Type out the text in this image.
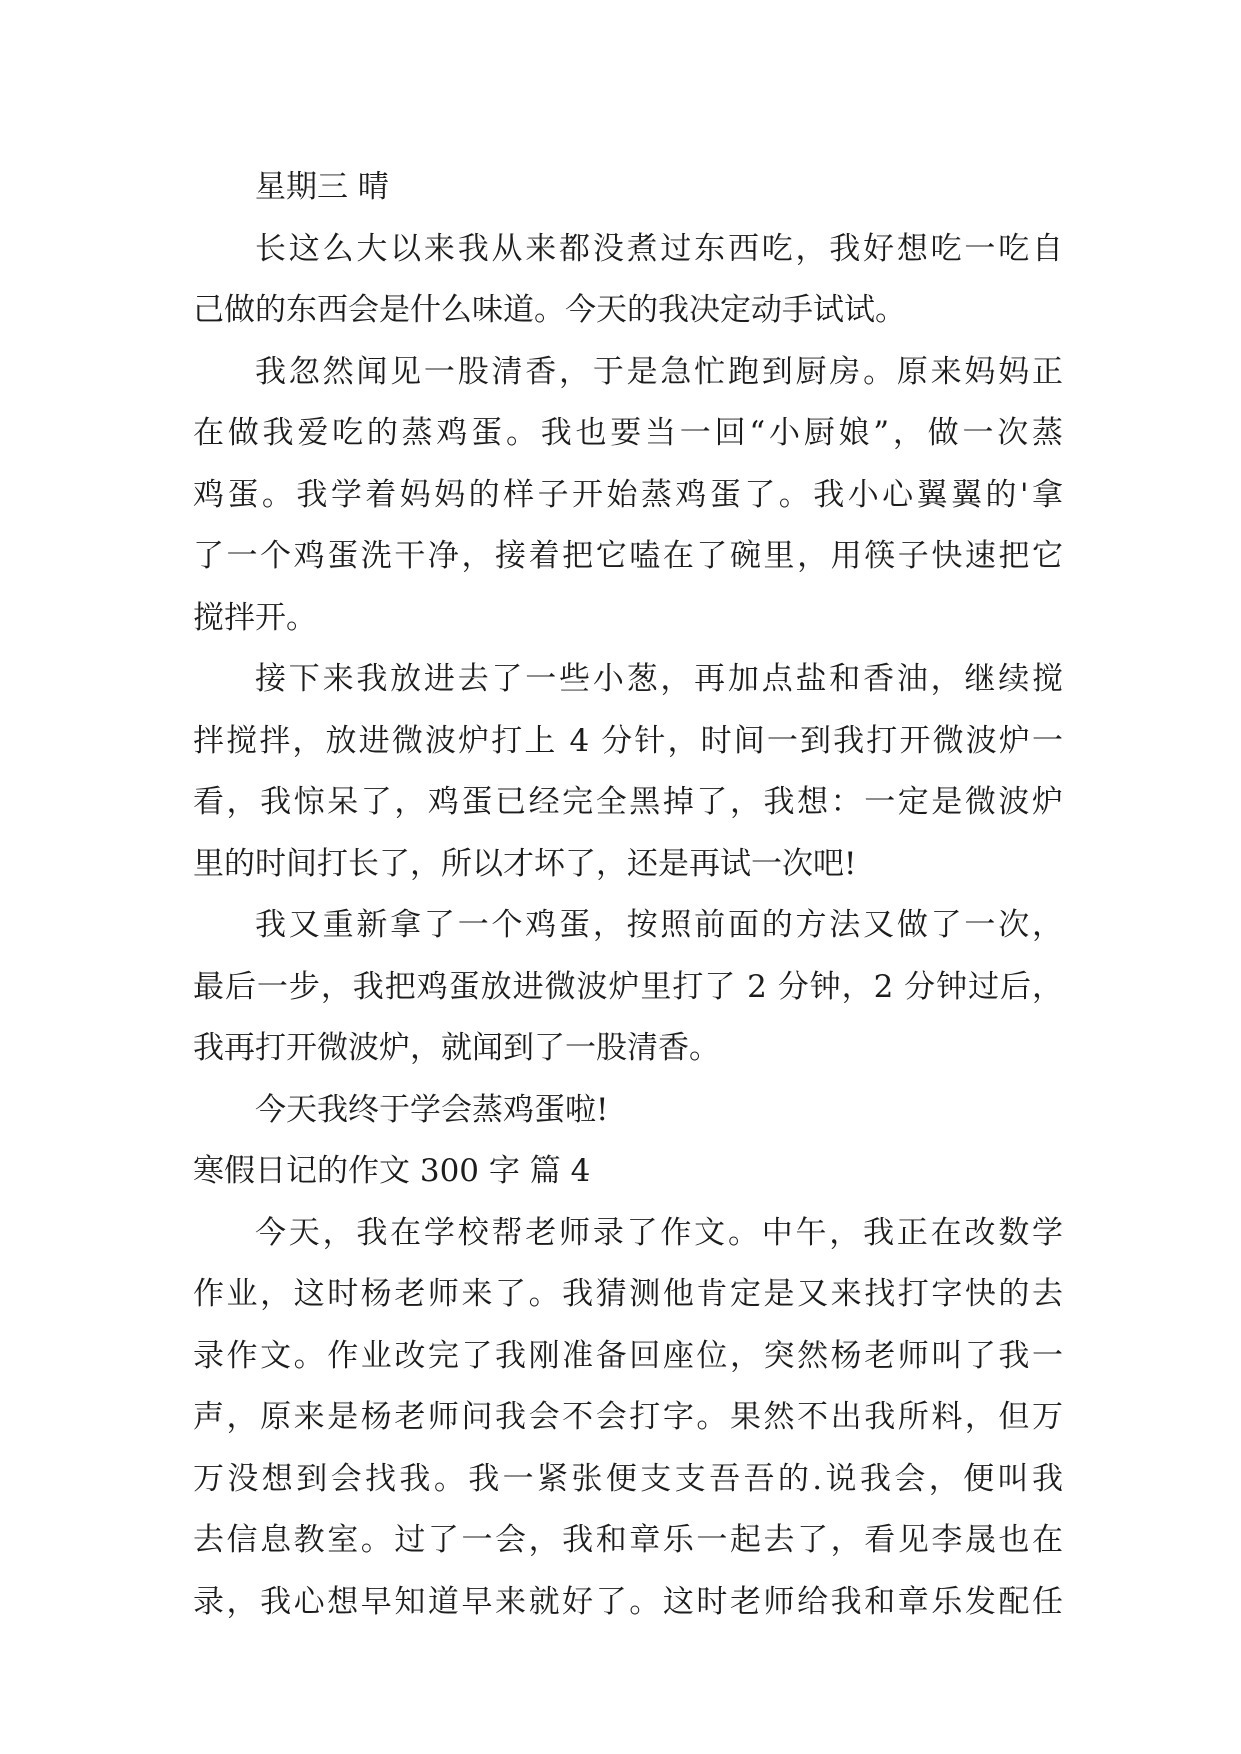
星期三 晴
长这么大以来我从来都没煮过东西吃，我好想吃一吃自
己做的东西会是什么味道。今天的我决定动手试试。
我忽然闻见一股清香，于是急忙跑到厨房。原来妈妈正
在做我爱吃的蒸鸡蛋。我也要当一回“小厨娘”，做一次蒸
鸡蛋。我学着妈妈的样子开始蒸鸡蛋了。我小心翼翼的'拿
了一个鸡蛋洗干净，接着把它嗑在了碗里，用筷子快速把它
搅拌开。
接下来我放进去了一些小葱，再加点盐和香油，继续搅
拌搅拌，放进微波炉打上 4 分针，时间一到我打开微波炉一
看，我惊呆了，鸡蛋已经完全黑掉了，我想：一定是微波炉
里的时间打长了，所以才坏了，还是再试一次吧!
我又重新拿了一个鸡蛋，按照前面的方法又做了一次，
最后一步，我把鸡蛋放进微波炉里打了 2 分钟，2 分钟过后，
我再打开微波炉，就闻到了一股清香。
今天我终于学会蒸鸡蛋啦!
寒假日记的作文 300 字 篇 4
今天，我在学校帮老师录了作文。中午，我正在改数学
作业，这时杨老师来了。我猜测他肯定是又来找打字快的去
录作文。作业改完了我刚准备回座位，突然杨老师叫了我一
声，原来是杨老师问我会不会打字。果然不出我所料，但万
万没想到会找我。我一紧张便支支吾吾的.说我会，便叫我
去信息教室。过了一会，我和章乐一起去了，看见李晟也在
录，我心想早知道早来就好了。这时老师给我和章乐发配任
